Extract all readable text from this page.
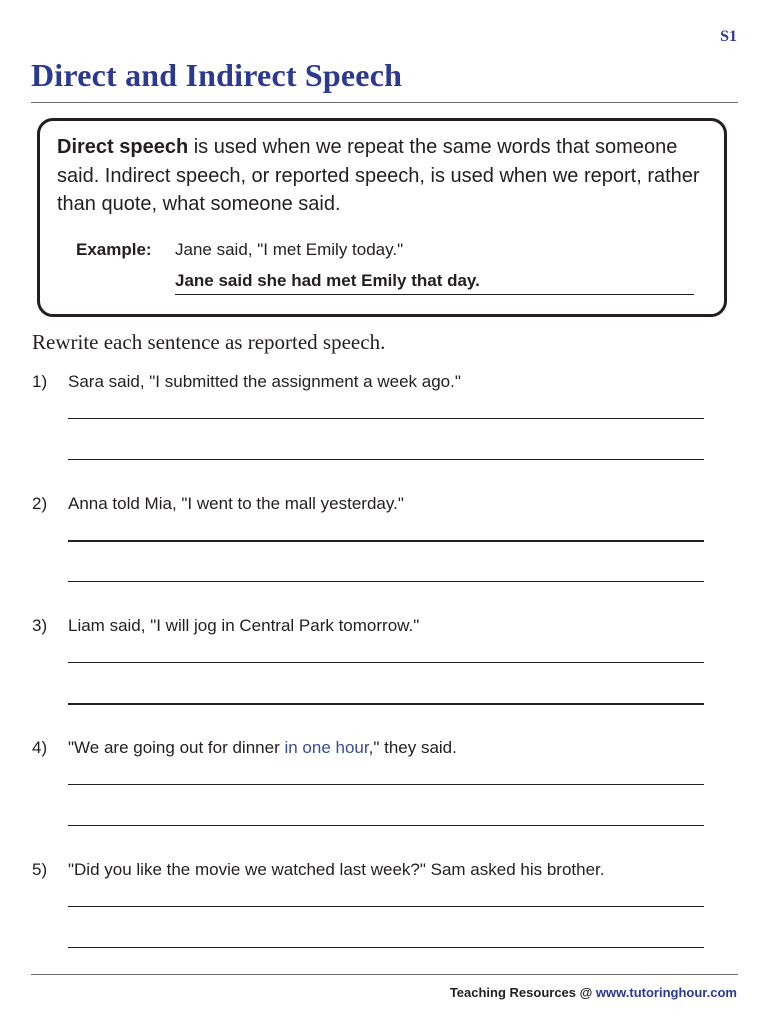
S1
Direct and Indirect Speech

Direct speech is used when we repeat the same words that someone said. Indirect speech, or reported speech, is used when we report, rather than quote, what someone said.

Example: Jane said, "I met Emily today."
Jane said she had met Emily that day.

Rewrite each sentence as reported speech.

1) Sara said, "I submitted the assignment a week ago."
2) Anna told Mia, "I went to the mall yesterday."
3) Liam said, "I will jog in Central Park tomorrow."
4) "We are going out for dinner in one hour," they said.
5) "Did you like the movie we watched last week?" Sam asked his brother.
Teaching Resources @ www.tutoringhour.com
